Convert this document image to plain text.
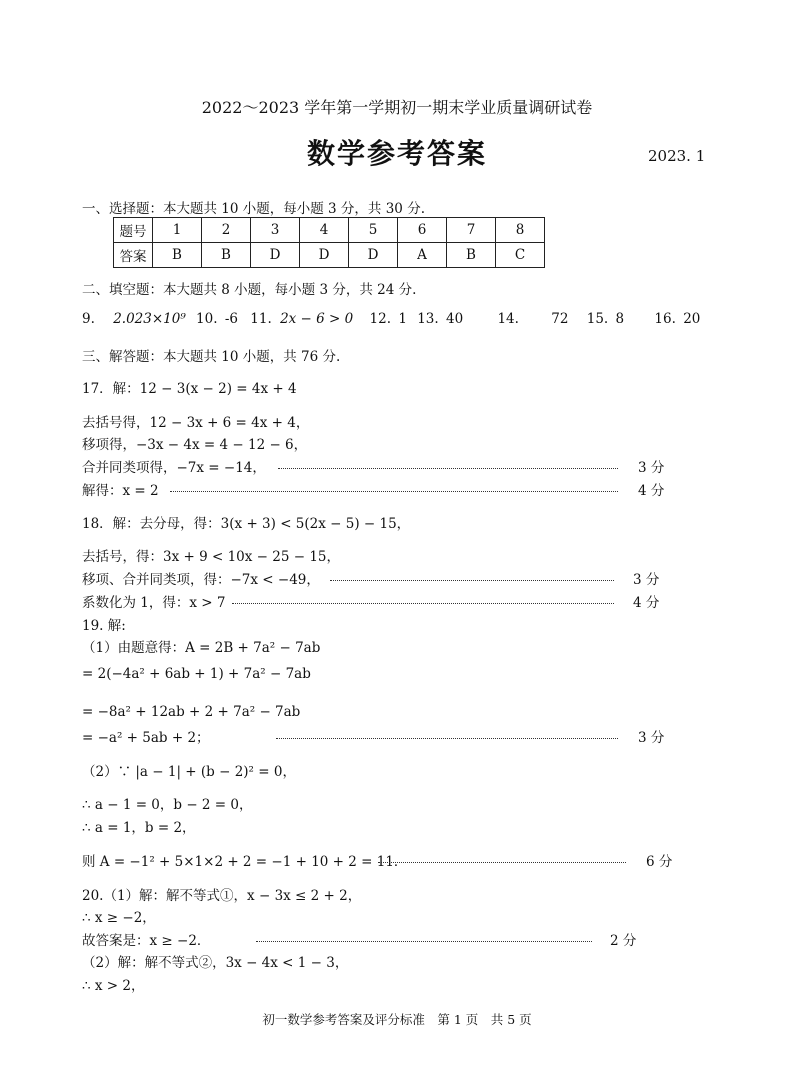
2022～2023 学年第一学期初一期末学业质量调研试卷
数学参考答案	2023. 1
一、选择题：本大题共 10 小题，每小题 3 分，共 30 分.
题号	1	2	3	4	5	6	7	8
答案	B	B	D	D	D	A	B	C
二、填空题：本大题共 8 小题，每小题 3 分，共 24 分.
9. 2.023×10⁹ 10. -6 11. 2x − 6 > 0 12. 1 13. 40	14. 72 15. 8 16. 20
三、解答题：本大题共 10 小题，共 76 分.
17．解：12 − 3(x − 2) = 4x + 4
去括号得，12 − 3x + 6 = 4x + 4，
移项得，−3x − 4x = 4 − 12 − 6，
合并同类项得，−7x = −14，	3 分
解得：x = 2	4 分
18．解：去分母，得：3(x + 3) < 5(2x − 5) − 15，
去括号，得：3x + 9 < 10x − 25 − 15，
移项、合并同类项，得：−7x < −49，	3 分
系数化为 1，得：x > 7	4 分
19. 解:
（1）由题意得：A = 2B + 7a² − 7ab
= 2(−4a² + 6ab + 1) + 7a² − 7ab
= −8a² + 12ab + 2 + 7a² − 7ab
= −a² + 5ab + 2；	3 分
（2）∵ |a − 1| + (b − 2)² = 0，
∴ a − 1 = 0，b − 2 = 0，
∴ a = 1，b = 2，
则 A = −1² + 5×1×2 + 2 = −1 + 10 + 2 = 11．	6 分
20.（1）解：解不等式①，x − 3x ≤ 2 + 2，
∴ x ≥ −2，
故答案是：x ≥ −2．	2 分
（2）解：解不等式②，3x − 4x < 1 − 3，
∴ x > 2，
初一数学参考答案及评分标准　第 1 页　共 5 页
